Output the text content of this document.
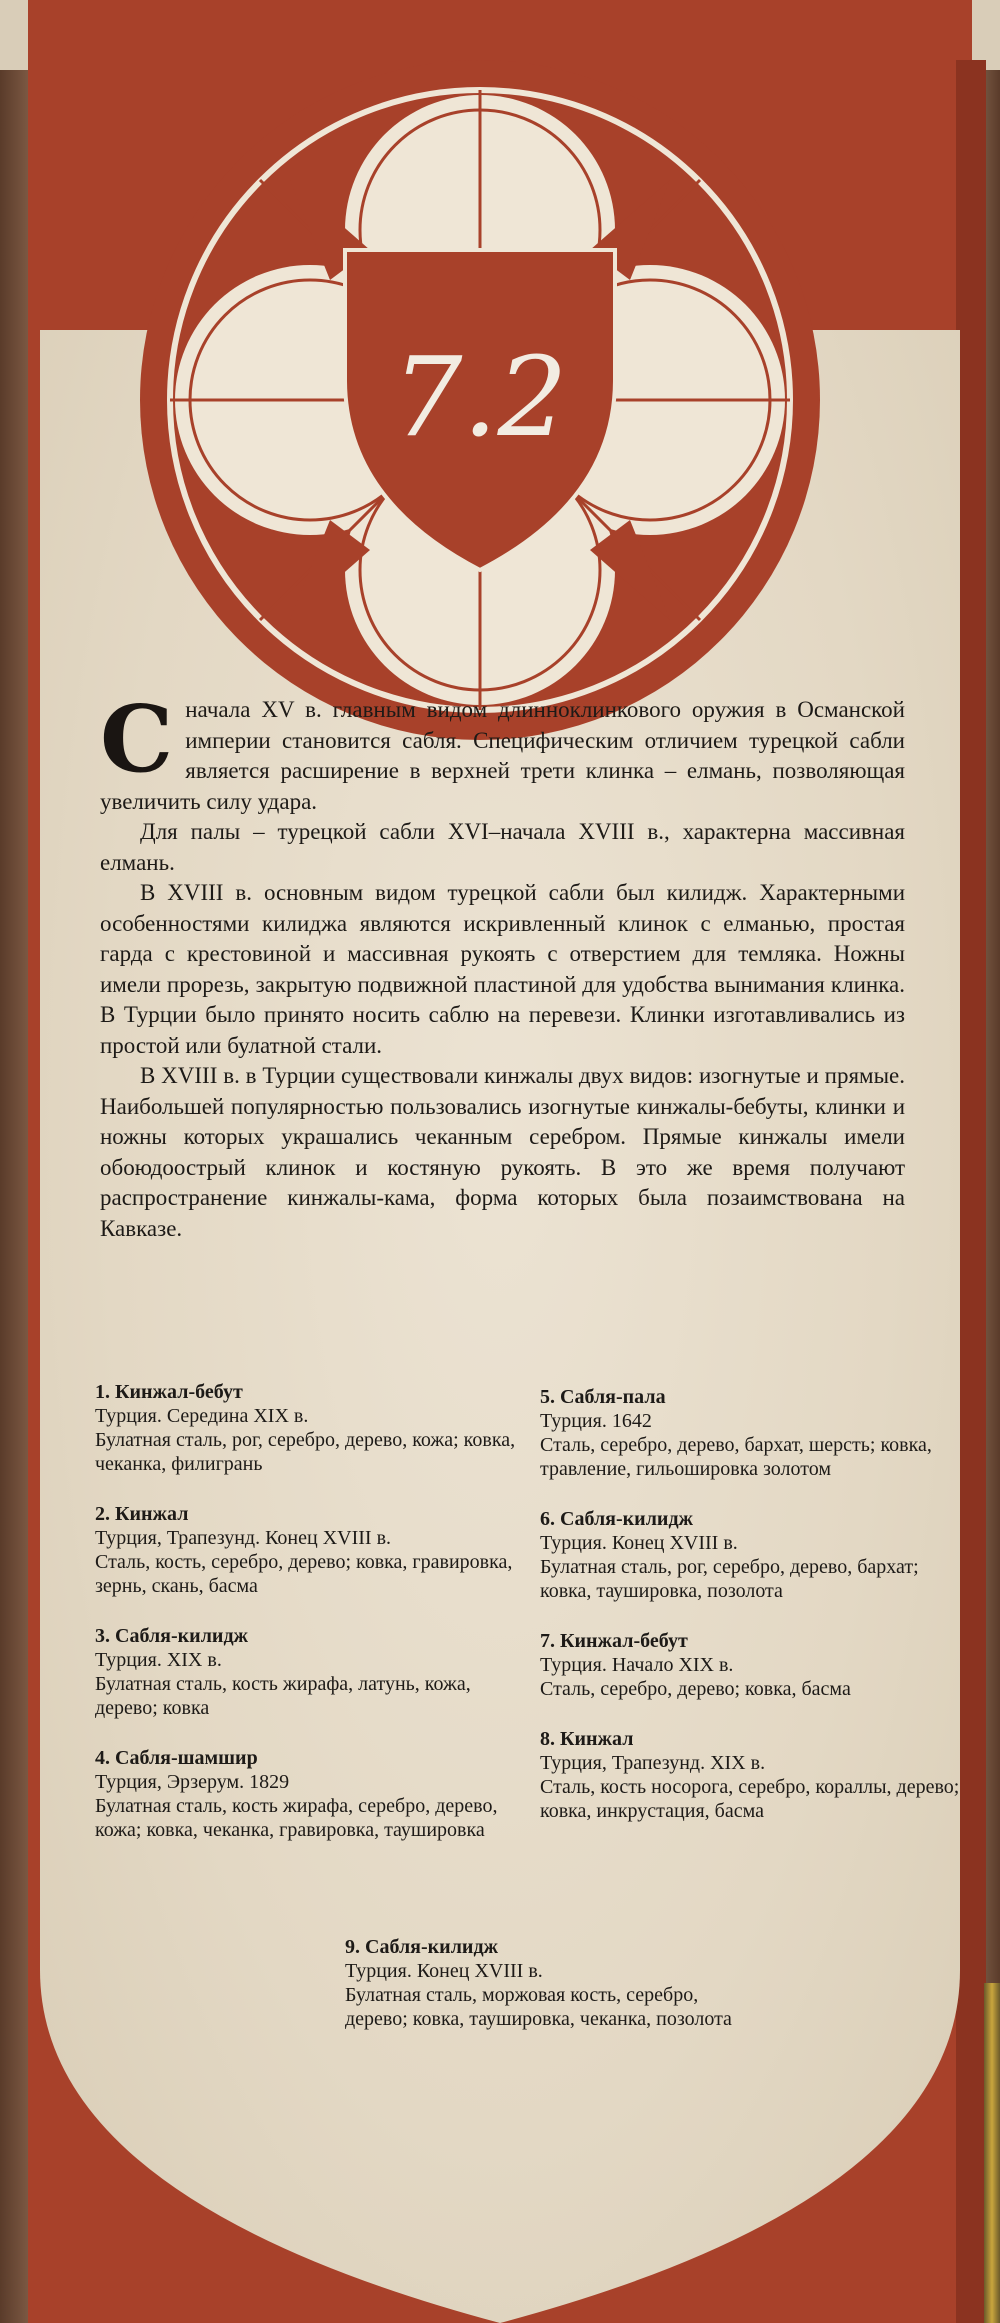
7.2

Сначала XV в. главным видом длинноклинкового оружия в Османской империи становится сабля. Специфическим отличием турецкой сабли является расширение в верхней трети клинка – елмань, позволяющая увеличить силу удара.

Для палы – турецкой сабли XVI–начала XVIII в., характерна массивная елмань.

В XVIII в. основным видом турецкой сабли был килидж. Характерными особенностями килиджа являются искривленный клинок с елманью, простая гарда с крестовиной и массивная рукоять с отверстием для темляка. Ножны имели прорезь, закрытую подвижной пластиной для удобства вынимания клинка. В Турции было принято носить саблю на перевези. Клинки изготавливались из простой или булатной стали.

В XVIII в. в Турции существовали кинжалы двух видов: изогнутые и прямые. Наибольшей популярностью пользовались изогнутые кинжалы-бебуты, клинки и ножны которых украшались чеканным серебром. Прямые кинжалы имели обоюдоострый клинок и костяную рукоять. В это же время получают распространение кинжалы-кама, форма которых была позаимствована на Кавказе.

1. Кинжал-бебут
Турция. Середина XIX в.
Булатная сталь, рог, серебро, дерево, кожа; ковка, чеканка, филигрань
2. Кинжал
Турция, Трапезунд. Конец XVIII в.
Сталь, кость, серебро, дерево; ковка, гравировка, зернь, скань, басма
3. Сабля-килидж
Турция. XIX в.
Булатная сталь, кость жирафа, латунь, кожа, дерево; ковка
4. Сабля-шамшир
Турция, Эрзерум. 1829
Булатная сталь, кость жирафа, серебро, дерево, кожа; ковка, чеканка, гравировка, таушировка
5. Сабля-пала
Турция. 1642
Сталь, серебро, дерево, бархат, шерсть; ковка, травление, гильошировка золотом
6. Сабля-килидж
Турция. Конец XVIII в.
Булатная сталь, рог, серебро, дерево, бархат; ковка, таушировка, позолота
7. Кинжал-бебут
Турция. Начало XIX в.
Сталь, серебро, дерево; ковка, басма
8. Кинжал
Турция, Трапезунд. XIX в.
Сталь, кость носорога, серебро, кораллы, дерево; ковка, инкрустация, басма
9. Сабля-килидж
Турция. Конец XVIII в.
Булатная сталь, моржовая кость, серебро, дерево; ковка, таушировка, чеканка, позолота
